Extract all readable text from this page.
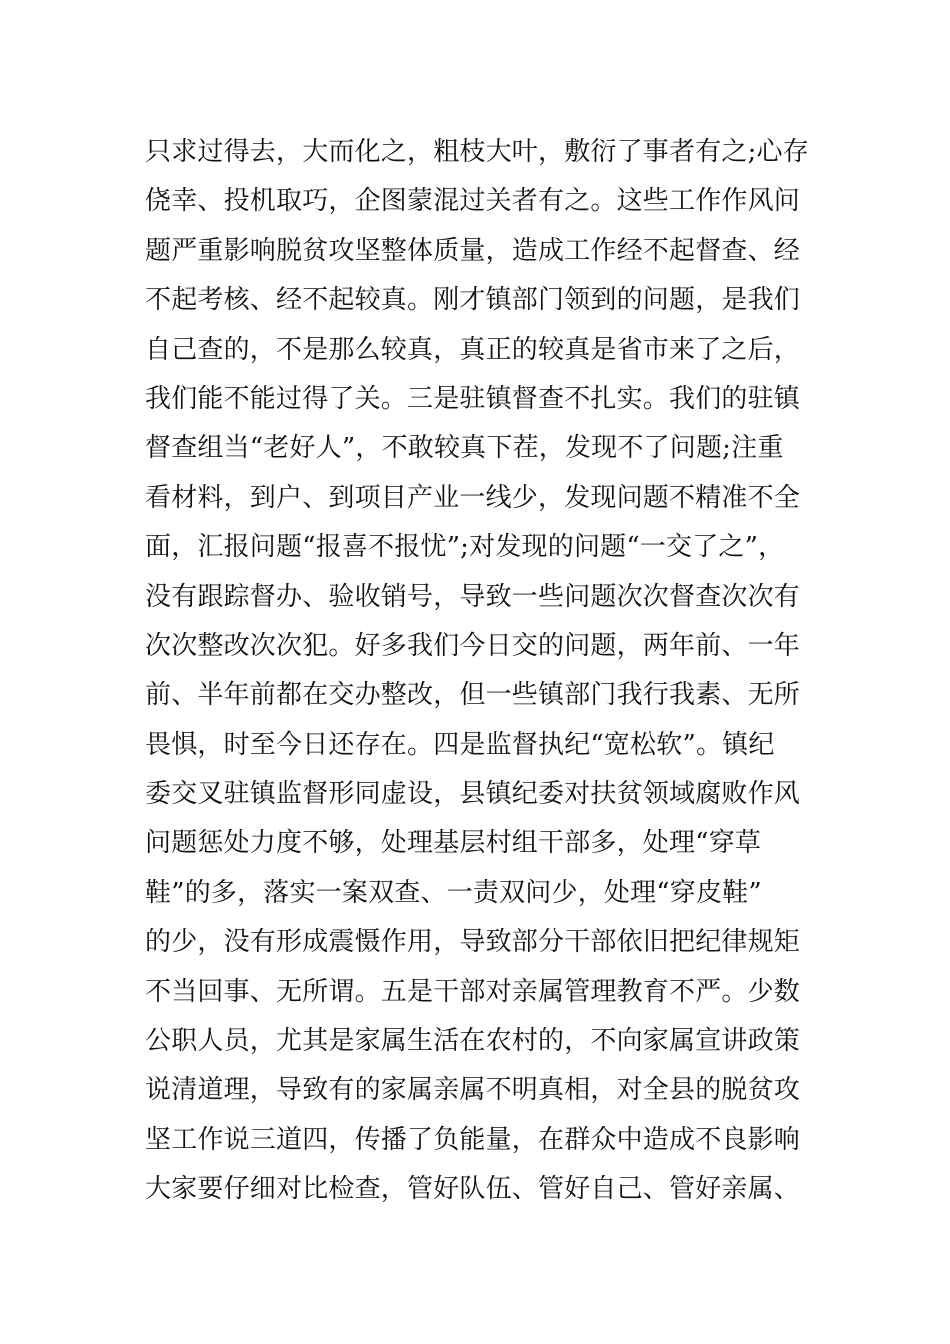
只求过得去，大而化之，粗枝大叶，敷衍了事者有之;心存
侥幸、投机取巧，企图蒙混过关者有之。这些工作作风问
题严重影响脱贫攻坚整体质量，造成工作经不起督查、经
不起考核、经不起较真。刚才镇部门领到的问题，是我们
自己查的，不是那么较真，真正的较真是省市来了之后，
我们能不能过得了关。三是驻镇督查不扎实。我们的驻镇
督查组当“老好人”，不敢较真下茬，发现不了问题;注重
看材料，到户、到项目产业一线少，发现问题不精准不全
面，汇报问题“报喜不报忧”;对发现的问题“一交了之”，
没有跟踪督办、验收销号，导致一些问题次次督查次次有
次次整改次次犯。好多我们今日交的问题，两年前、一年
前、半年前都在交办整改，但一些镇部门我行我素、无所
畏惧，时至今日还存在。四是监督执纪“宽松软”。镇纪
委交叉驻镇监督形同虚设，县镇纪委对扶贫领域腐败作风
问题惩处力度不够，处理基层村组干部多，处理“穿草
鞋”的多，落实一案双查、一责双问少，处理“穿皮鞋”
的少，没有形成震慑作用，导致部分干部依旧把纪律规矩
不当回事、无所谓。五是干部对亲属管理教育不严。少数
公职人员，尤其是家属生活在农村的，不向家属宣讲政策
说清道理，导致有的家属亲属不明真相，对全县的脱贫攻
坚工作说三道四，传播了负能量，在群众中造成不良影响
大家要仔细对比检查，管好队伍、管好自己、管好亲属、
